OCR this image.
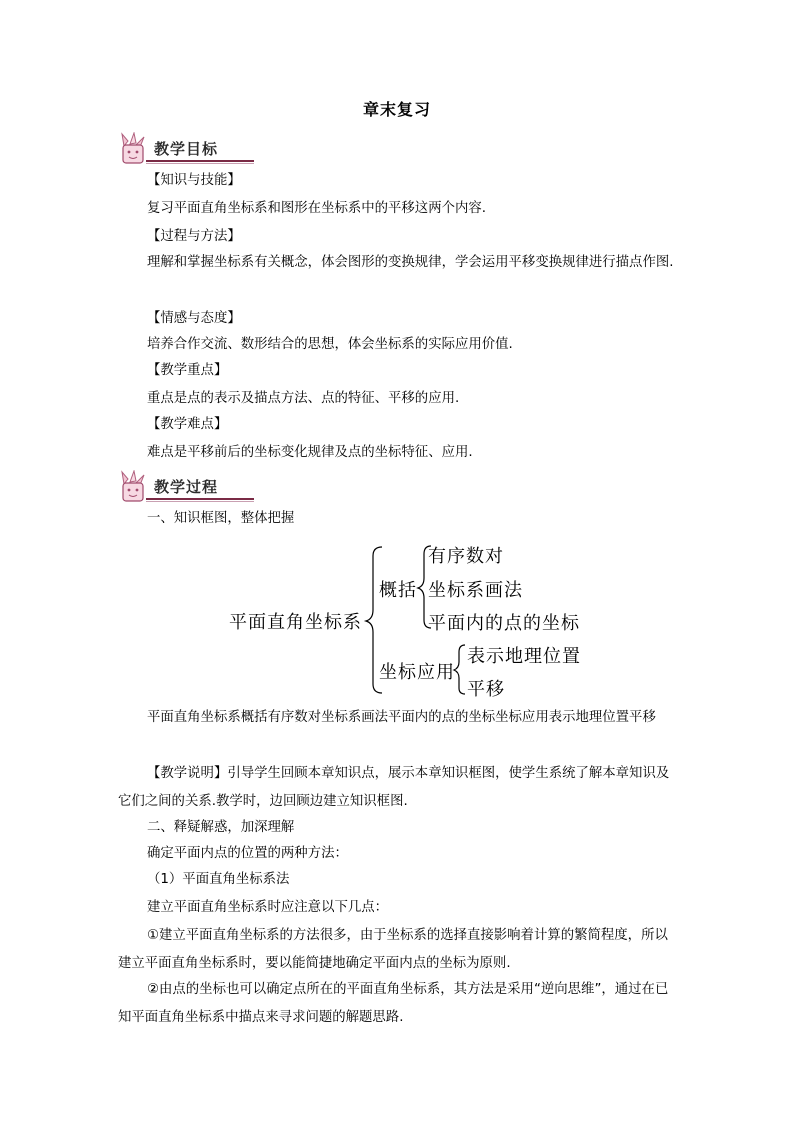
章末复习
教学目标
【知识与技能】
复习平面直角坐标系和图形在坐标系中的平移这两个内容.
【过程与方法】
理解和掌握坐标系有关概念，体会图形的变换规律，学会运用平移变换规律进行描点作图.
【情感与态度】
培养合作交流、数形结合的思想，体会坐标系的实际应用价值.
【教学重点】
重点是点的表示及描点方法、点的特征、平移的应用.
【教学难点】
难点是平移前后的坐标变化规律及点的坐标特征、应用.
教学过程
一、知识框图，整体把握
平面直角坐标系
概括
有序数对
坐标系画法
平面内的点的坐标
坐标应用
表示地理位置
平移
平面直角坐标系概括有序数对坐标系画法平面内的点的坐标坐标应用表示地理位置平移
【教学说明】引导学生回顾本章知识点，展示本章知识框图，使学生系统了解本章知识及它们之间的关系.教学时，边回顾边建立知识框图.
二、释疑解惑，加深理解
确定平面内点的位置的两种方法：
（1）平面直角坐标系法
建立平面直角坐标系时应注意以下几点：
①建立平面直角坐标系的方法很多，由于坐标系的选择直接影响着计算的繁简程度，所以建立平面直角坐标系时，要以能简捷地确定平面内点的坐标为原则.
②由点的坐标也可以确定点所在的平面直角坐标系，其方法是采用“逆向思维”，通过在已知平面直角坐标系中描点来寻求问题的解题思路.
